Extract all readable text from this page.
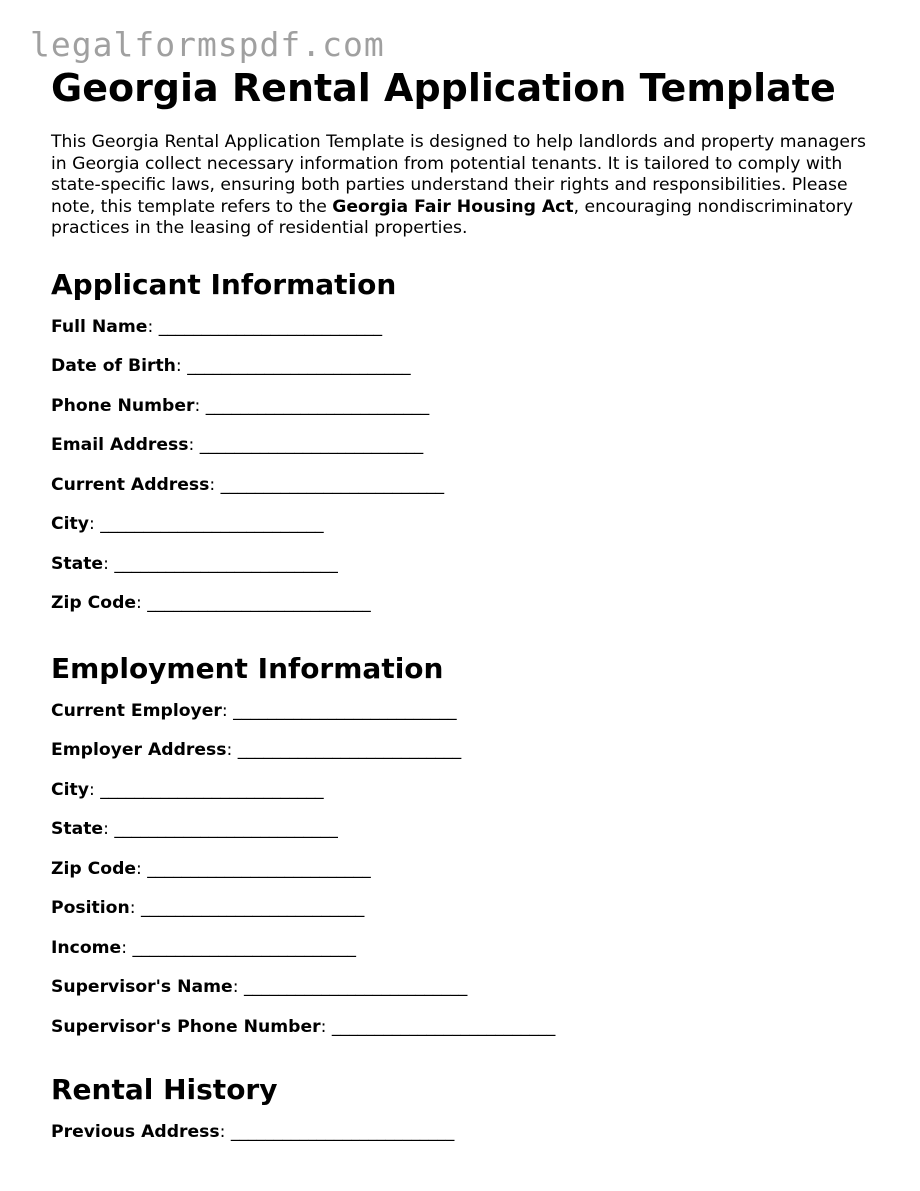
legalformspdf.com
Georgia Rental Application Template

This Georgia Rental Application Template is designed to help landlords and property managers in Georgia collect necessary information from potential tenants. It is tailored to comply with state-specific laws, ensuring both parties understand their rights and responsibilities. Please note, this template refers to the Georgia Fair Housing Act, encouraging nondiscriminatory practices in the leasing of residential properties.

Applicant Information
Full Name: __________________________
Date of Birth: __________________________
Phone Number: __________________________
Email Address: __________________________
Current Address: __________________________
City: __________________________
State: __________________________
Zip Code: __________________________
Employment Information
Current Employer: __________________________
Employer Address: __________________________
City: __________________________
State: __________________________
Zip Code: __________________________
Position: __________________________
Income: __________________________
Supervisor's Name: __________________________
Supervisor's Phone Number: __________________________
Rental History
Previous Address: __________________________
